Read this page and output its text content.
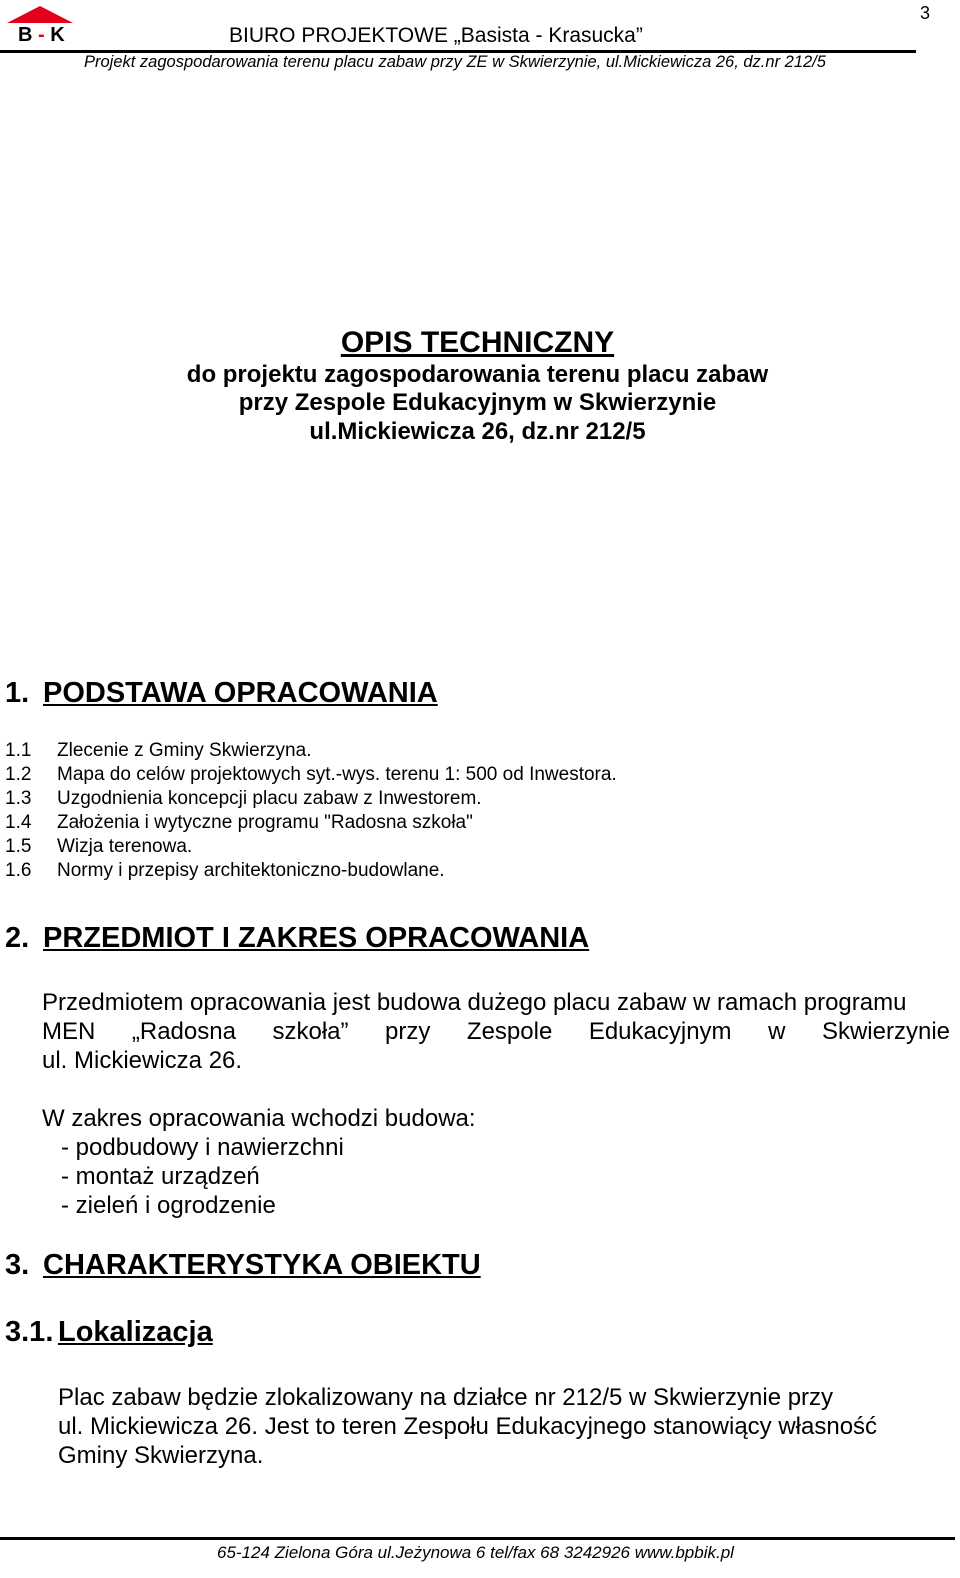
B - K	BIURO PROJEKTOWE „Basista - Krasucka”
3
Projekt zagospodarowania terenu placu zabaw przy ZE w Skwierzynie, ul.Mickiewicza 26, dz.nr 212/5
OPIS TECHNICZNY
do projektu zagospodarowania terenu placu zabaw
przy Zespole Edukacyjnym w Skwierzynie
ul.Mickiewicza 26, dz.nr 212/5
1. PODSTAWA OPRACOWANIA
1.1 Zlecenie z Gminy Skwierzyna.
1.2 Mapa do celów projektowych syt.-wys. terenu 1: 500 od Inwestora.
1.3 Uzgodnienia koncepcji placu zabaw z Inwestorem.
1.4 Założenia i wytyczne programu "Radosna szkoła"
1.5 Wizja terenowa.
1.6 Normy i przepisy architektoniczno-budowlane.
2. PRZEDMIOT I ZAKRES OPRACOWANIA
Przedmiotem opracowania jest budowa dużego placu zabaw w ramach programu
MEN „Radosna szkoła” przy Zespole Edukacyjnym w Skwierzynie
ul. Mickiewicza 26.
W zakres opracowania wchodzi budowa:
- podbudowy i nawierzchni
- montaż urządzeń
- zieleń i ogrodzenie
3. CHARAKTERYSTYKA OBIEKTU
3.1. Lokalizacja
Plac zabaw będzie zlokalizowany na działce nr 212/5 w Skwierzynie przy
ul. Mickiewicza 26. Jest to teren Zespołu Edukacyjnego stanowiący własność
Gminy Skwierzyna.
65-124 Zielona Góra ul.Jeżynowa 6 tel/fax 68 3242926 www.bpbik.pl
